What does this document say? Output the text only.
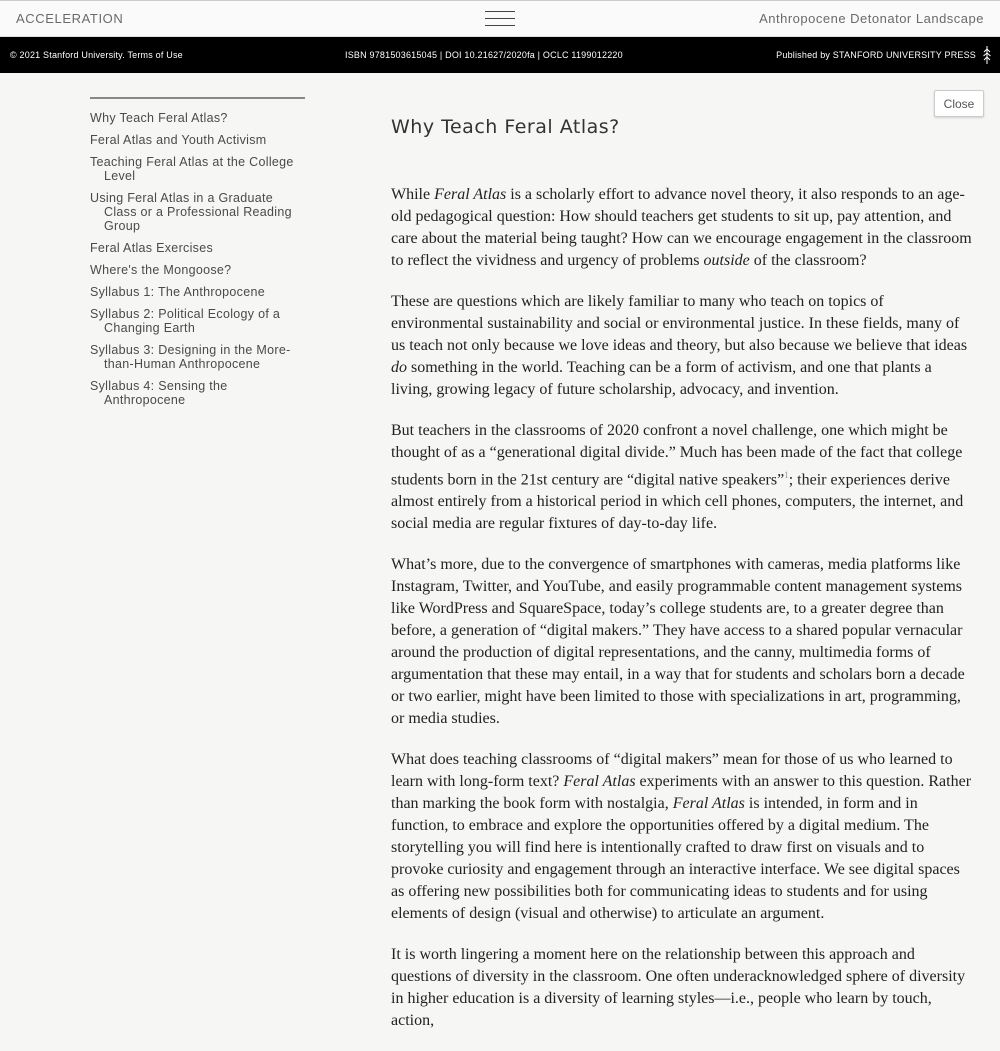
ACCELERATION	Anthropocene Detonator Landscape
© 2021 Stanford University. Terms of Use	ISBN 9781503615045 | DOI 10.21627/2020fa | OCLC 1199012220	Published by STANFORD UNIVERSITY PRESS
Why Teach Feral Atlas?
Feral Atlas and Youth Activism
Teaching Feral Atlas at the College Level
Using Feral Atlas in a Graduate Class or a Professional Reading Group
Feral Atlas Exercises
Where's the Mongoose?
Syllabus 1: The Anthropocene
Syllabus 2: Political Ecology of a Changing Earth
Syllabus 3: Designing in the More-than-Human Anthropocene
Syllabus 4: Sensing the Anthropocene
Close
Why Teach Feral Atlas?

While Feral Atlas is a scholarly effort to advance novel theory, it also responds to an age-old pedagogical question: How should teachers get students to sit up, pay attention, and care about the material being taught? How can we encourage engagement in the classroom to reflect the vividness and urgency of problems outside of the classroom?

These are questions which are likely familiar to many who teach on topics of environmental sustainability and social or environmental justice. In these fields, many of us teach not only because we love ideas and theory, but also because we believe that ideas do something in the world. Teaching can be a form of activism, and one that plants a living, growing legacy of future scholarship, advocacy, and invention.

But teachers in the classrooms of 2020 confront a novel challenge, one which might be thought of as a “generational digital divide.” Much has been made of the fact that college students born in the 21st century are “digital native speakers”$^1$; their experiences derive almost entirely from a historical period in which cell phones, computers, the internet, and social media are regular fixtures of day-to-day life.

What’s more, due to the convergence of smartphones with cameras, media platforms like Instagram, Twitter, and YouTube, and easily programmable content management systems like WordPress and SquareSpace, today’s college students are, to a greater degree than before, a generation of “digital makers.” They have access to a shared popular vernacular around the production of digital representations, and the canny, multimedia forms of argumentation that these may entail, in a way that for students and scholars born a decade or two earlier, might have been limited to those with specializations in art, programming, or media studies.

What does teaching classrooms of “digital makers” mean for those of us who learned to learn with long-form text? Feral Atlas experiments with an answer to this question. Rather than marking the book form with nostalgia, Feral Atlas is intended, in form and in function, to embrace and explore the opportunities offered by a digital medium. The storytelling you will find here is intentionally crafted to draw first on visuals and to provoke curiosity and engagement through an interactive interface. We see digital spaces as offering new possibilities both for communicating ideas to students and for using elements of design (visual and otherwise) to articulate an argument.

It is worth lingering a moment here on the relationship between this approach and questions of diversity in the classroom. One often underacknowledged sphere of diversity in higher education is a diversity of learning styles—i.e., people who learn by touch, action,
